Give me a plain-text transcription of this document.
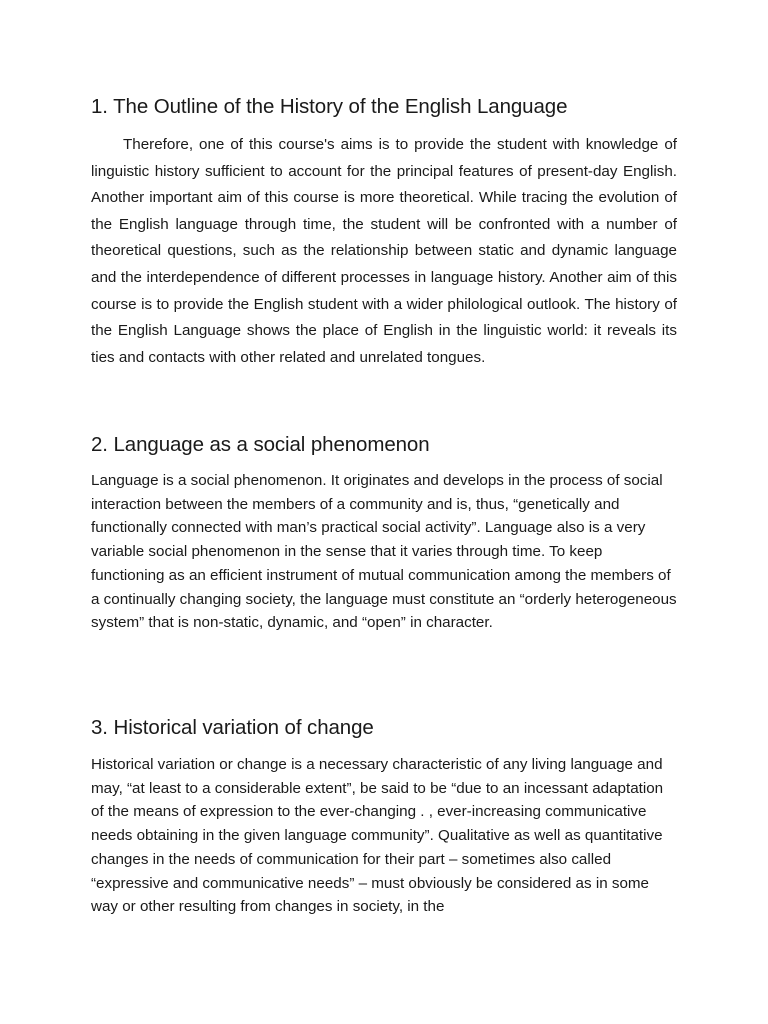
1. The Outline of the History of the English Language

Therefore, one of this course's aims is to provide the student with knowledge of linguistic history sufficient to account for the principal features of present-day English. Another important aim of this course is more theoretical. While tracing the evolution of the English language through time, the student will be confronted with a number of theoretical questions, such as the relationship between static and dynamic language and the interdependence of different processes in language history. Another aim of this course is to provide the English student with a wider philological outlook. The history of the English Language shows the place of English in the linguistic world: it reveals its ties and contacts with other related and unrelated tongues.

2. Language as a social phenomenon

Language is a social phenomenon. It originates and develops in the process of social interaction between the members of a community and is, thus, “genetically and functionally connected with man’s practical social activity”. Language also is a very variable social phenomenon in the sense that it varies through time. To keep functioning as an efficient instrument of mutual communication among the members of a continually changing society, the language must constitute an “orderly heterogeneous system” that is non-static, dynamic, and “open” in character.

3. Historical variation of change

Historical variation or change is a necessary characteristic of any living language and may, “at least to a considerable extent”, be said to be “due to an incessant adaptation of the means of expression to the ever-changing . , ever-increasing communicative needs obtaining in the given language community”. Qualitative as well as quantitative changes in the needs of communication for their part – sometimes also called “expressive and communicative needs” – must obviously be considered as in some way or other resulting from changes in society, in the
